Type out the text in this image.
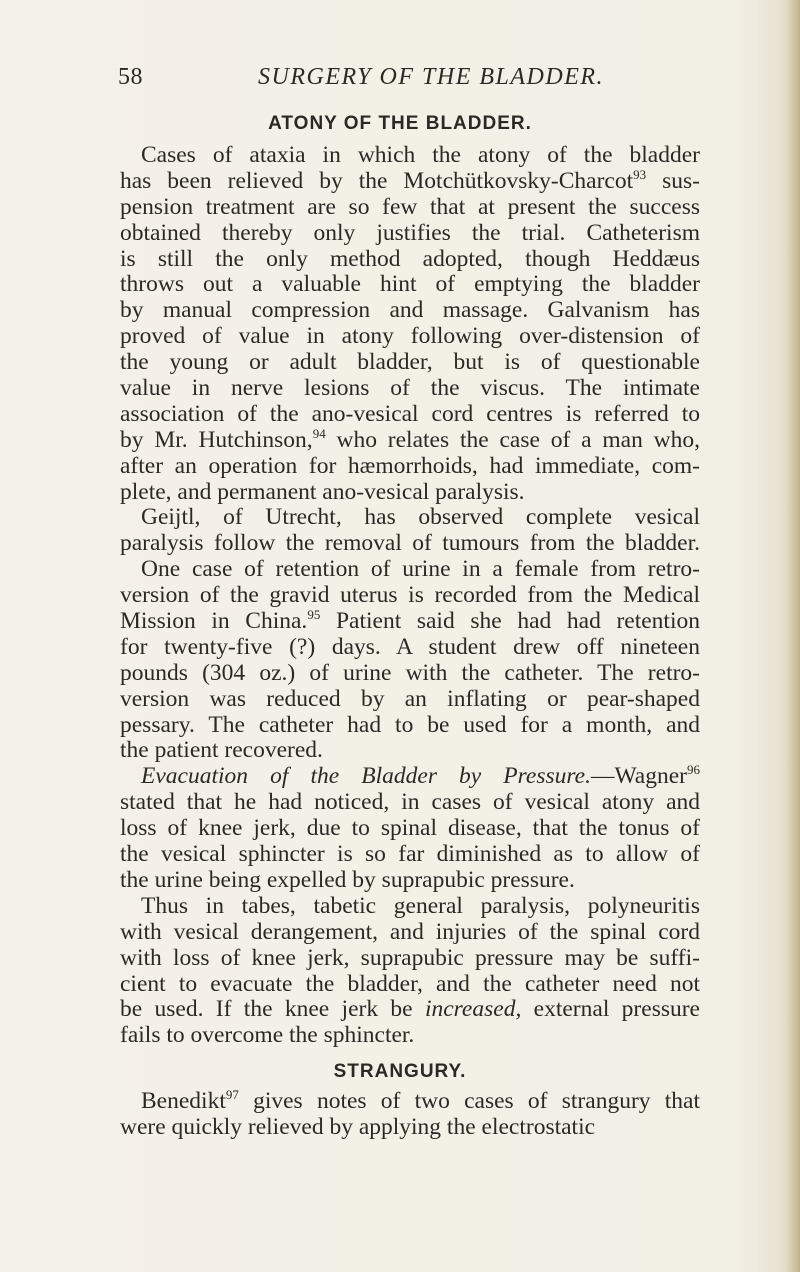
58	SURGERY OF THE BLADDER.
ATONY OF THE BLADDER.
Cases of ataxia in which the atony of the bladder
has been relieved by the Motchütkovsky-Charcot$^{93}$ sus-
pension treatment are so few that at present the success
obtained thereby only justifies the trial. Catheterism
is still the only method adopted, though Heddæus
throws out a valuable hint of emptying the bladder
by manual compression and massage. Galvanism has
proved of value in atony following over-distension of
the young or adult bladder, but is of questionable
value in nerve lesions of the viscus. The intimate
association of the ano-vesical cord centres is referred to
by Mr. Hutchinson,$^{94}$ who relates the case of a man who,
after an operation for hæmorrhoids, had immediate, com-
plete, and permanent ano-vesical paralysis.
Geijtl, of Utrecht, has observed complete vesical
paralysis follow the removal of tumours from the bladder.
One case of retention of urine in a female from retro-
version of the gravid uterus is recorded from the Medical
Mission in China.$^{95}$ Patient said she had had retention
for twenty-five (?) days. A student drew off nineteen
pounds (304 oz.) of urine with the catheter. The retro-
version was reduced by an inflating or pear-shaped
pessary. The catheter had to be used for a month, and
the patient recovered.
Evacuation of the Bladder by Pressure.—Wagner$^{96}$
stated that he had noticed, in cases of vesical atony and
loss of knee jerk, due to spinal disease, that the tonus of
the vesical sphincter is so far diminished as to allow of
the urine being expelled by suprapubic pressure.
Thus in tabes, tabetic general paralysis, polyneuritis
with vesical derangement, and injuries of the spinal cord
with loss of knee jerk, suprapubic pressure may be suffi-
cient to evacuate the bladder, and the catheter need not
be used. If the knee jerk be increased, external pressure
fails to overcome the sphincter.
STRANGURY.
Benedikt$^{97}$ gives notes of two cases of strangury that
were quickly relieved by applying the electrostatic
